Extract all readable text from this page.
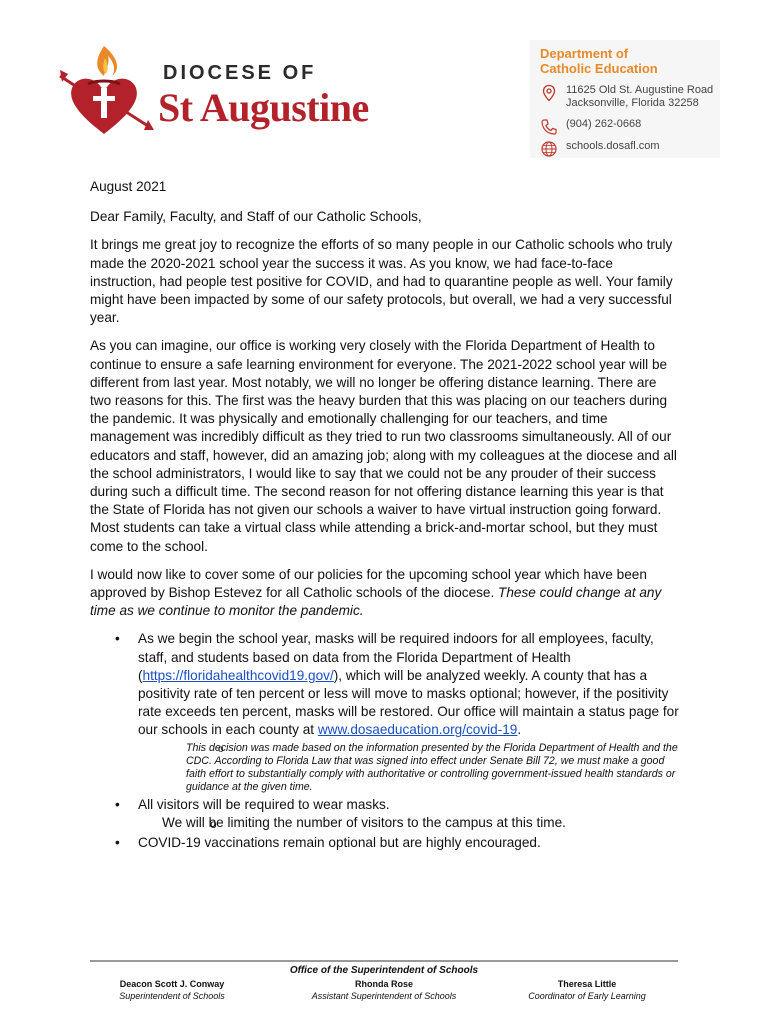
DIOCESE OF
St Augustine
Department of
Catholic Education
11625 Old St. Augustine Road
Jacksonville, Florida 32258
(904) 262-0668
schools.dosafl.com

August 2021

Dear Family, Faculty, and Staff of our Catholic Schools,

It brings me great joy to recognize the efforts of so many people in our Catholic schools who truly made the 2020-2021 school year the success it was. As you know, we had face-to-face instruction, had people test positive for COVID, and had to quarantine people as well. Your family might have been impacted by some of our safety protocols, but overall, we had a very successful year.

As you can imagine, our office is working very closely with the Florida Department of Health to continue to ensure a safe learning environment for everyone. The 2021-2022 school year will be different from last year. Most notably, we will no longer be offering distance learning. There are two reasons for this. The first was the heavy burden that this was placing on our teachers during the pandemic. It was physically and emotionally challenging for our teachers, and time management was incredibly difficult as they tried to run two classrooms simultaneously. All of our educators and staff, however, did an amazing job; along with my colleagues at the diocese and all the school administrators, I would like to say that we could not be any prouder of their success during such a difficult time. The second reason for not offering distance learning this year is that the State of Florida has not given our schools a waiver to have virtual instruction going forward. Most students can take a virtual class while attending a brick-and-mortar school, but they must come to the school.

I would now like to cover some of our policies for the upcoming school year which have been approved by Bishop Estevez for all Catholic schools of the diocese. These could change at any time as we continue to monitor the pandemic.

• As we begin the school year, masks will be required indoors for all employees, faculty, staff, and students based on data from the Florida Department of Health (https://floridahealthcovid19.gov/), which will be analyzed weekly. A county that has a positivity rate of ten percent or less will move to masks optional; however, if the positivity rate exceeds ten percent, masks will be restored. Our office will maintain a status page for our schools in each county at www.dosaeducation.org/covid-19.
o This decision was made based on the information presented by the Florida Department of Health and the CDC. According to Florida Law that was signed into effect under Senate Bill 72, we must make a good faith effort to substantially comply with authoritative or controlling government-issued health standards or guidance at the given time.
• All visitors will be required to wear masks.
o We will be limiting the number of visitors to the campus at this time.
• COVID-19 vaccinations remain optional but are highly encouraged.
Office of the Superintendent of Schools
Deacon Scott J. Conway
Superintendent of Schools
Rhonda Rose
Assistant Superintendent of Schools
Theresa Little
Coordinator of Early Learning
